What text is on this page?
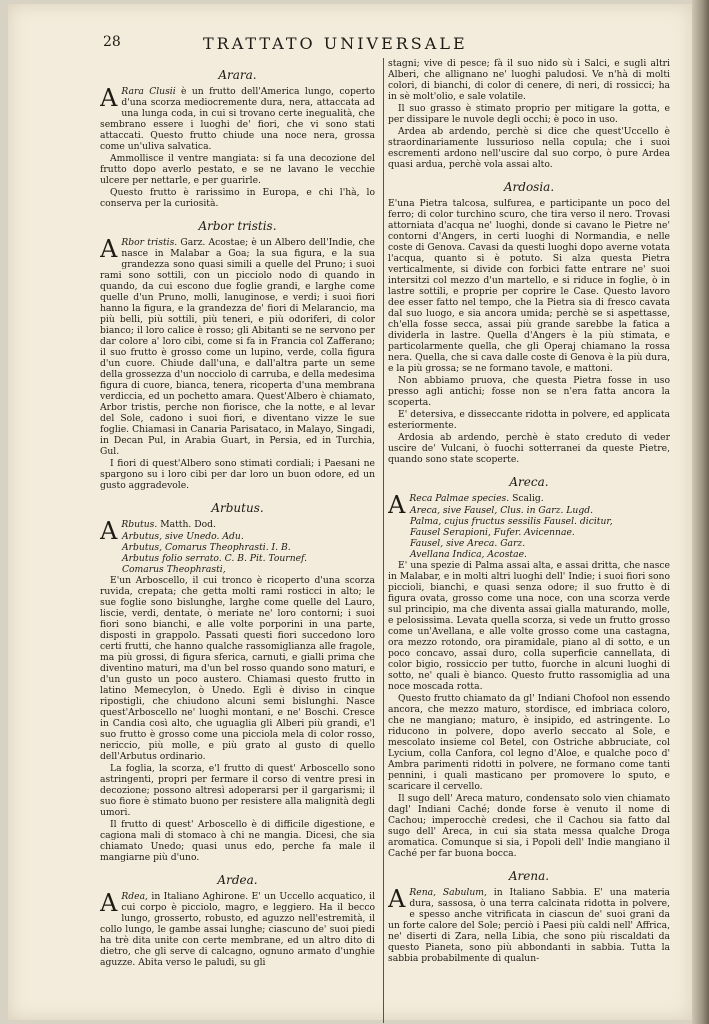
28	TRATTATO UNIVERSALE
Arara.

A Rara Clusii è un frutto dell'America lungo, coperto d'una scorza mediocremente dura, nera, attaccata ad una lunga coda, in cui si trovano certe inegualità, che sembrano essere i luoghi de' fiori, che vi sono stati attaccati. Questo frutto chiude una noce nera, grossa come un'uliva salvatica.

Ammollisce il ventre mangiata: si fa una decozione del frutto dopo averlo pestato, e se ne lavano le vecchie ulcere per nettarle, e per guarirle.

Questo frutto è rarissimo in Europa, e chi l'hà, lo conserva per la curiosità.

Arbor tristis.

A Rbor tristis. Garz. Acostae; è un Albero dell'Indie, che nasce in Malabar a Goa; la sua figura, e la sua grandezza sono quasi simili a quelle del Pruno; i suoi rami sono sottili, con un picciolo nodo di quando in quando, da cui escono due foglie grandi, e larghe come quelle d'un Pruno, molli, lanuginose, e verdi; i suoi fiori hanno la figura, e la grandezza de' fiori di Melarancio, ma più belli, più sottili, più teneri, e più odoriferi, di color bianco; il loro calice è rosso; gli Abitanti se ne servono per dar colore a' loro cibi, come si fa in Francia col Zafferano; il suo frutto è grosso come un lupino, verde, colla figura d'un cuore. Chiude dall'una, e dall'altra parte un seme della grossezza d'un nocciolo di carruba, e della medesima figura di cuore, bianca, tenera, ricoperta d'una membrana verdiccia, ed un pochetto amara. Quest'Albero è chiamato, Arbor tristis, perche non fiorisce, che la notte, e al levar del Sole, cadono i suoi fiori, e diventano vizze le sue foglie. Chiamasi in Canaria Parisataco, in Malayo, Singadi, in Decan Pul, in Arabia Guart, in Persia, ed in Turchia, Gul.

I fiori di quest'Albero sono stimati cordiali; i Paesani ne spargono su i loro cibi per dar loro un buon odore, ed un gusto aggradevole.

Arbutus.

A Rbutus. Matth. Dod.

Arbutus, sive Unedo. Adu.

Arbutus, Comarus Theophrasti. I. B.

Arbutus folio serrato. C. B. Pit. Tournef.

Comarus Theophrasti,

E'un Arboscello, il cui tronco è ricoperto d'una scorza ruvida, crepata; che getta molti rami rosticci in alto; le sue foglie sono bislunghe, larghe come quelle del Lauro, liscie, verdi, dentate, ò meriate ne' loro contorni; i suoi fiori sono bianchi, e alle volte porporini in una parte, disposti in grappolo. Passati questi fiori succedono loro certi frutti, che hanno qualche rassomiglianza alle fragole, ma più grossi, di figura sferica, carnuti, e gialli prima che diventino maturi, ma d'un bel rosso quando sono maturi, e d'un gusto un poco austero. Chiamasi questo frutto in latino Memecylon, ò Unedo. Egli è diviso in cinque ripostigli, che chiudono alcuni semi bislunghi. Nasce quest'Arboscello ne' luoghi montani, e ne' Boschi. Cresce in Candia così alto, che uguaglia gli Alberi più grandi, e'l suo frutto è grosso come una picciola mela di color rosso, nericcio, più molle, e più grato al gusto di quello dell'Arbutus ordinario.

La foglia, la scorza, e'l frutto di quest' Arboscello sono astringenti, propri per fermare il corso di ventre presi in decozione; possono altresì adoperarsi per il gargarismi; il suo fiore è stimato buono per resistere alla malignità degli umori.

Il frutto di quest' Arboscello è di difficile digestione, e cagiona mali di stomaco à chi ne mangia. Dicesi, che sia chiamato Unedo; quasi unus edo, perche fa male il mangiarne più d'uno.

Ardea.

A Rdea, in Italiano Aghirone. E' un Uccello acquatico, il cui corpo è picciolo, magro, e leggiero. Ha il becco lungo, grosserto, robusto, ed aguzzo nell'estremità, il collo lungo, le gambe assai lunghe; ciascuno de' suoi piedi ha trè dita unite con certe membrane, ed un altro dito di dietro, che gli serve di calcagno, ognuno armato d'unghie aguzze. Abita verso le paludi, su gli

stagni; vive di pesce; fà il suo nido sù i Salci, e sugli altri Alberi, che allignano ne' luoghi paludosi. Ve n'hà di molti colori, di bianchi, di color di cenere, di neri, di rossicci; ha in sè molt'olio, e sale volatile.

Il suo grasso è stimato proprio per mitigare la gotta, e per dissipare le nuvole degli occhi; è poco in uso.

Ardea ab ardendo, perchè si dice che quest'Uccello è straordinariamente lussurioso nella copula; che i suoi escrementi ardono nell'uscire dal suo corpo, ò pure Ardea quasi ardua, perchè vola assai alto.

Ardosia.

E'una Pietra talcosa, sulfurea, e participante un poco del ferro; di color turchino scuro, che tira verso il nero. Trovasi attorniata d'acqua ne' luoghi, donde si cavano le Pietre ne' contorni d'Angers, in certi luoghi di Normandia, e nelle coste di Genova. Cavasi da questi luoghi dopo averne votata l'acqua, quanto si è potuto. Si alza questa Pietra verticalmente, si divide con forbici fatte entrare ne' suoi intersitzi col mezzo d'un martello, e si riduce in foglie, ò in lastre sottili, e proprie per coprire le Case. Questo lavoro dee esser fatto nel tempo, che la Pietra sia di fresco cavata dal suo luogo, e sia ancora umida; perchè se si aspettasse, ch'ella fosse secca, assai più grande sarebbe la fatica a dividerla in lastre. Quella d'Angers è la più stimata, e particolarmente quella, che gli Operaj chiamano la rossa nera. Quella, che si cava dalle coste di Genova è la più dura, e la più grossa; se ne formano tavole, e mattoni.

Non abbiamo pruova, che questa Pietra fosse in uso presso agli antichi; fosse non se n'era fatta ancora la scoperta.

E' detersiva, e disseccante ridotta in polvere, ed applicata esteriormente.

Ardosia ab ardendo, perchè è stato creduto di veder uscire de' Vulcani, ò fuochi sotterranei da queste Pietre, quando sono state scoperte.

Areca.

A Reca Palmae species. Scalig.

Areca, sive Fausel, Clus. in Garz. Lugd.

Palma, cujus fructus sessilis Fausel. dicitur,

Fausel Serapioni, Fufer. Avicennae.

Fausel, sive Areca. Garz.

Avellana Indica, Acostae.

E' una spezie di Palma assai alta, e assai dritta, che nasce in Malabar, e in molti altri luoghi dell' Indie; i suoi fiori sono piccioli, bianchi, e quasi senza odore; il suo frutto è di figura ovata, grosso come una noce, con una scorza verde sul principio, ma che diventa assai gialla maturando, molle, e pelosissima. Levata quella scorza, si vede un frutto grosso come un'Avellana, e alle volte grosso come una castagna, ora mezzo rotondo, ora piramidale, piano al di sotto, e un poco concavo, assai duro, colla superficie cannellata, di color bigio, rossiccio per tutto, fuorche in alcuni luoghi di sotto, ne' quali è bianco. Questo frutto rassomiglia ad una noce moscada rotta.

Questo frutto chiamato da gl' Indiani Chofool non essendo ancora, che mezzo maturo, stordisce, ed imbriaca coloro, che ne mangiano; maturo, è insipido, ed astringente. Lo riducono in polvere, dopo averlo seccato al Sole, e mescolato insieme col Betel, con Ostriche abbruciate, col Lycium, colla Canfora, col legno d'Aloe, e qualche poco d' Ambra parimenti ridotti in polvere, ne formano come tanti pennini, i quali masticano per promovere lo sputo, e scaricare il cervello.

Il sugo dell' Areca maturo, condensato solo vien chiamato dagl' Indiani Caché; donde forse è venuto il nome di Cachou; imperocchè credesi, che il Cachou sia fatto dal sugo dell' Areca, in cui sia stata messa qualche Droga aromatica. Comunque si sia, i Popoli dell' Indie mangiano il Caché per far buona bocca.

Arena.

A Rena, Sabulum, in Italiano Sabbia. E' una materia dura, sassosa, ò una terra calcinata ridotta in polvere, e spesso anche vitrificata in ciascun de' suoi grani da un forte calore del Sole; perciò i Paesi più caldi nell' Affrica, ne' diserti di Zara, nella Libia, che sono più riscaldati da questo Pianeta, sono più abbondanti in sabbia. Tutta la sabbia probabilmente di qualun-
